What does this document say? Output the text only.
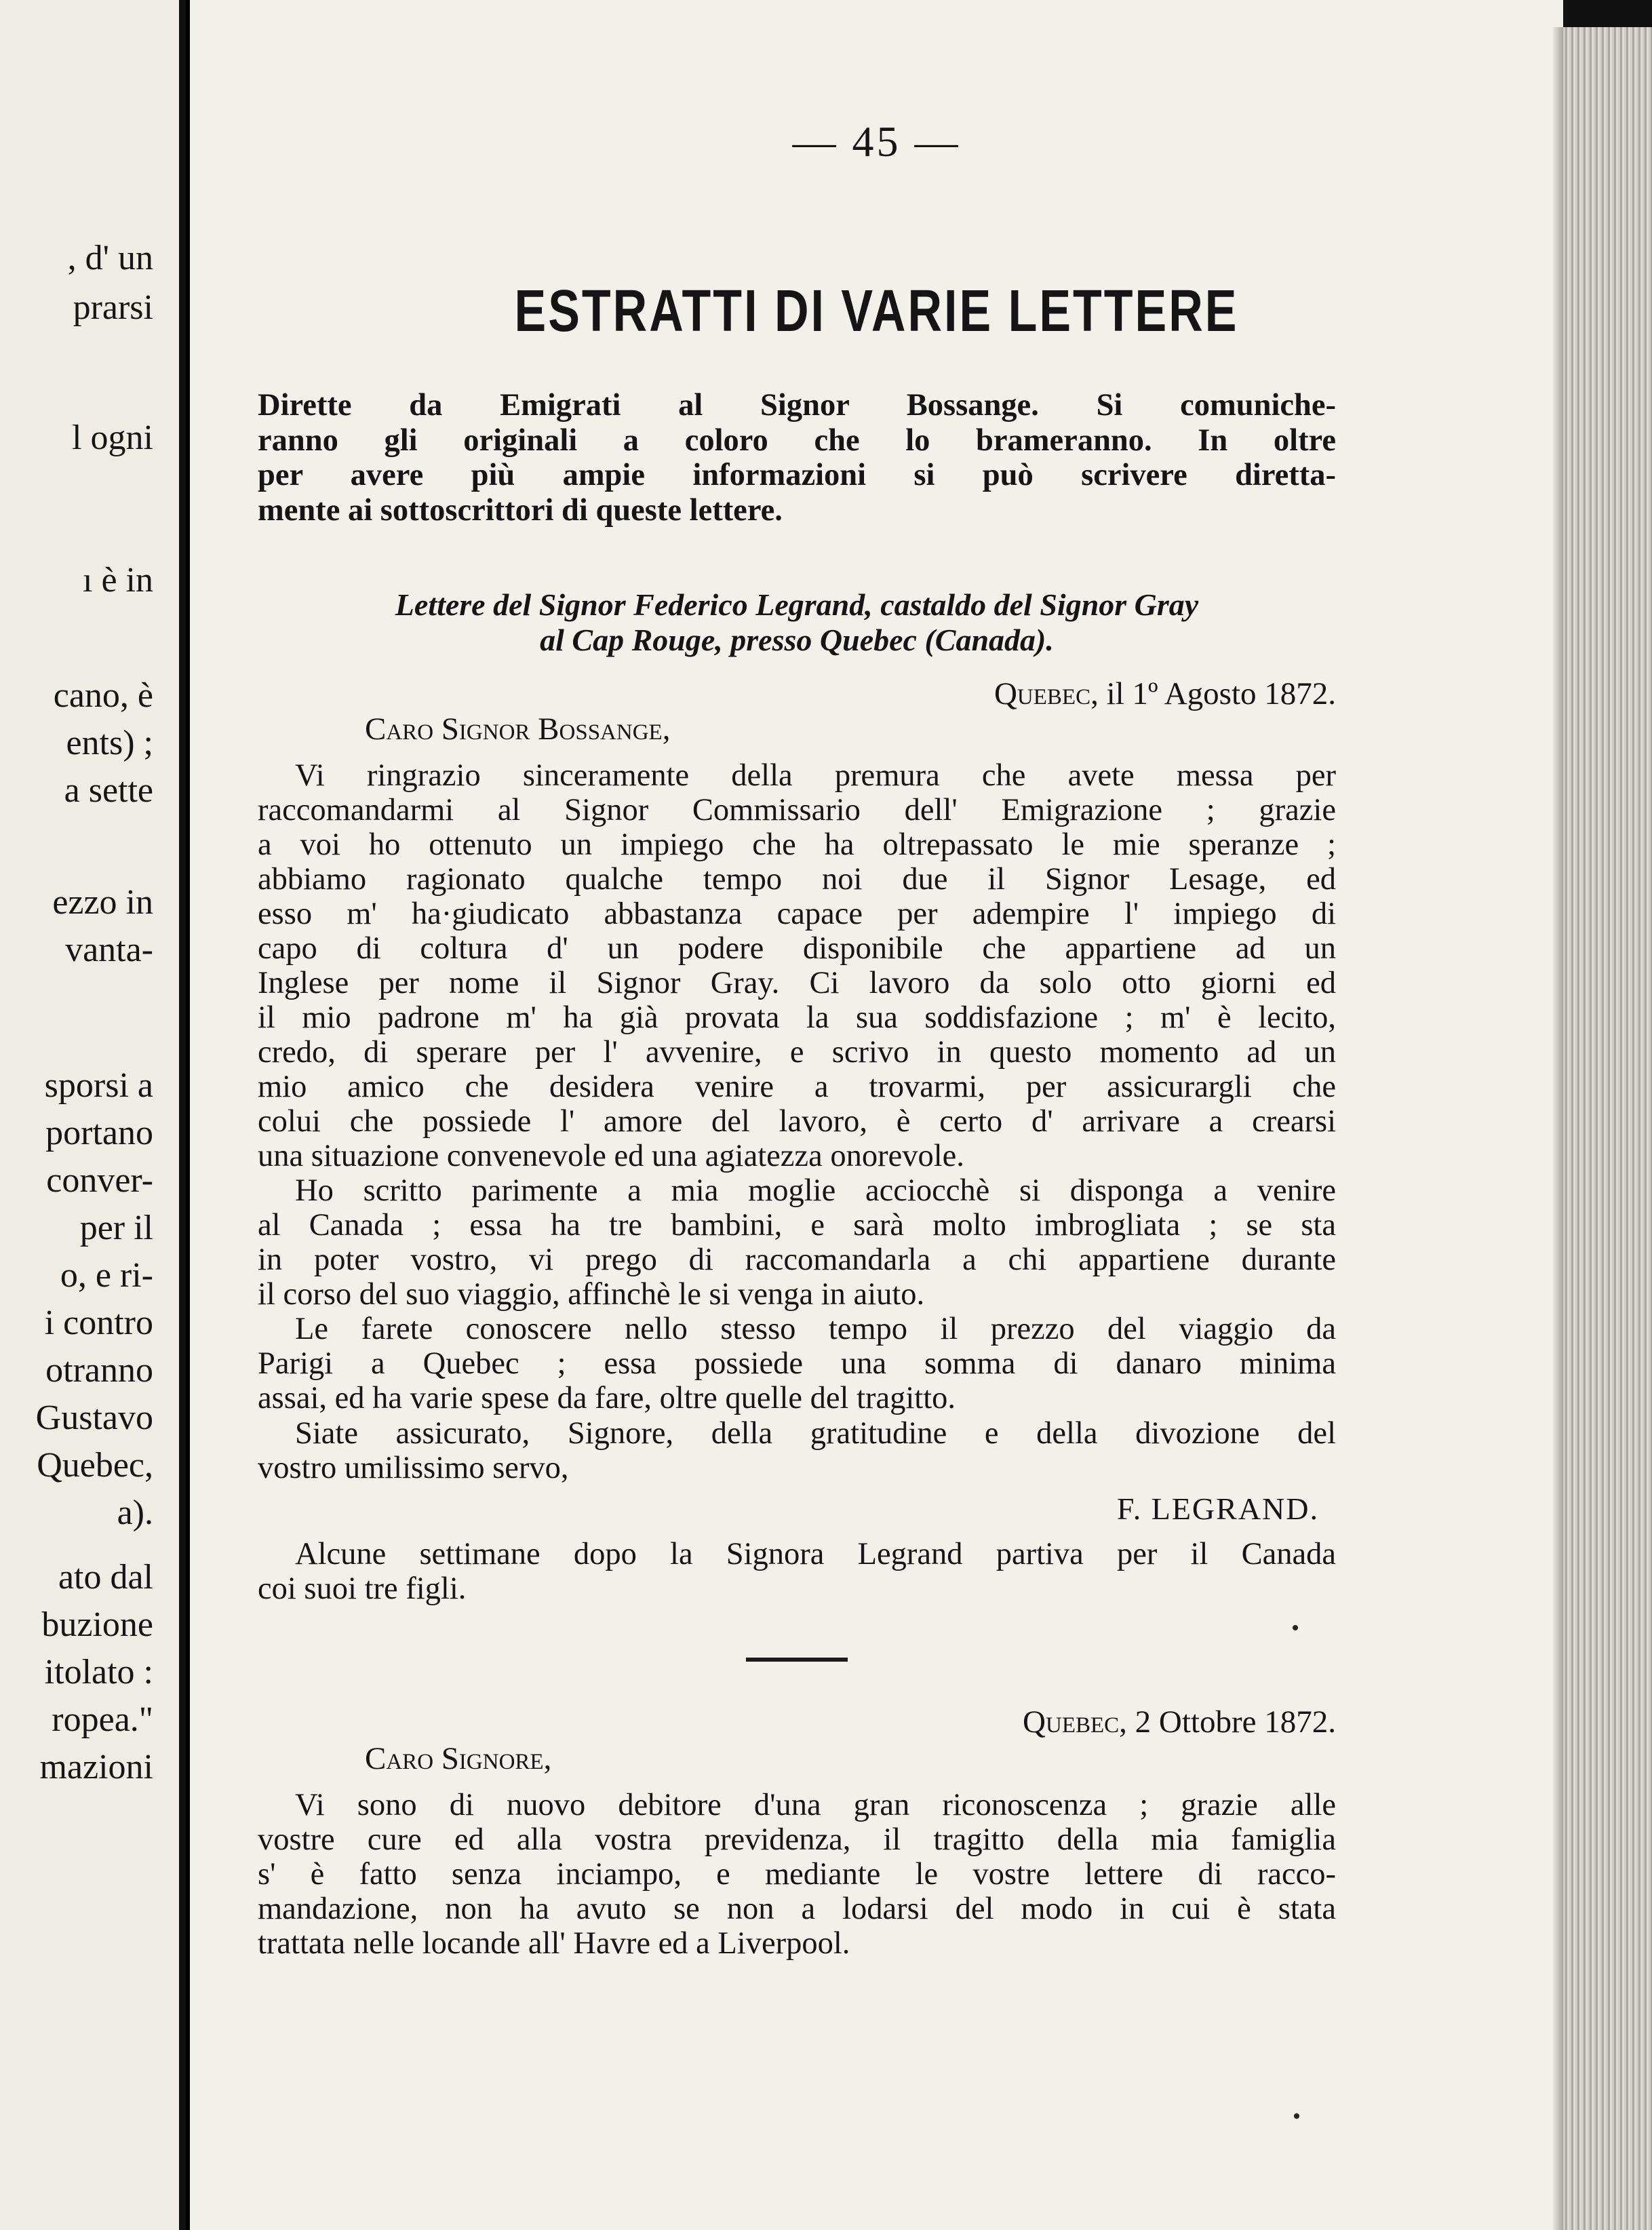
, d' un
prarsi
l ogni
ı è in
cano, è
ents) ;
a sette
ezzo in
vanta-
sporsi a
portano
conver-
per il
o, e ri-
i contro
otranno
Gustavo
Quebec,
a).
ato dal
buzione
itolato :
ropea."
mazioni
— 45 —
ESTRATTI DI VARIE LETTERE
Dirette da Emigrati al Signor Bossange. Si comuniche-
ranno gli originali a coloro che lo brameranno. In oltre
per avere più ampie informazioni si può scrivere diretta-
mente ai sottoscrittori di queste lettere.
Lettere del Signor Federico Legrand, castaldo del Signor Gray
al Cap Rouge, presso Quebec (Canada).
Quebec, il 1º Agosto 1872.
Caro Signor Bossange,
Vi ringrazio sinceramente della premura che avete messa per
raccomandarmi al Signor Commissario dell' Emigrazione ; grazie
a voi ho ottenuto un impiego che ha oltrepassato le mie speranze ;
abbiamo ragionato qualche tempo noi due il Signor Lesage, ed
esso m' ha·giudicato abbastanza capace per adempire l' impiego di
capo di coltura d' un podere disponibile che appartiene ad un
Inglese per nome il Signor Gray. Ci lavoro da solo otto giorni ed
il mio padrone m' ha già provata la sua soddisfazione ; m' è lecito,
credo, di sperare per l' avvenire, e scrivo in questo momento ad un
mio amico che desidera venire a trovarmi, per assicurargli che
colui che possiede l' amore del lavoro, è certo d' arrivare a crearsi
una situazione convenevole ed una agiatezza onorevole.
Ho scritto parimente a mia moglie acciocchè si disponga a venire
al Canada ; essa ha tre bambini, e sarà molto imbrogliata ; se sta
in poter vostro, vi prego di raccomandarla a chi appartiene durante
il corso del suo viaggio, affinchè le si venga in aiuto.
Le farete conoscere nello stesso tempo il prezzo del viaggio da
Parigi a Quebec ; essa possiede una somma di danaro minima
assai, ed ha varie spese da fare, oltre quelle del tragitto.
Siate assicurato, Signore, della gratitudine e della divozione del
vostro umilissimo servo,
F. LEGRAND.
Alcune settimane dopo la Signora Legrand partiva per il Canada
coi suoi tre figli.
Quebec, 2 Ottobre 1872.
Caro Signore,
Vi sono di nuovo debitore d'una gran riconoscenza ; grazie alle
vostre cure ed alla vostra previdenza, il tragitto della mia famiglia
s' è fatto senza inciampo, e mediante le vostre lettere di racco-
mandazione, non ha avuto se non a lodarsi del modo in cui è stata
trattata nelle locande all' Havre ed a Liverpool.
